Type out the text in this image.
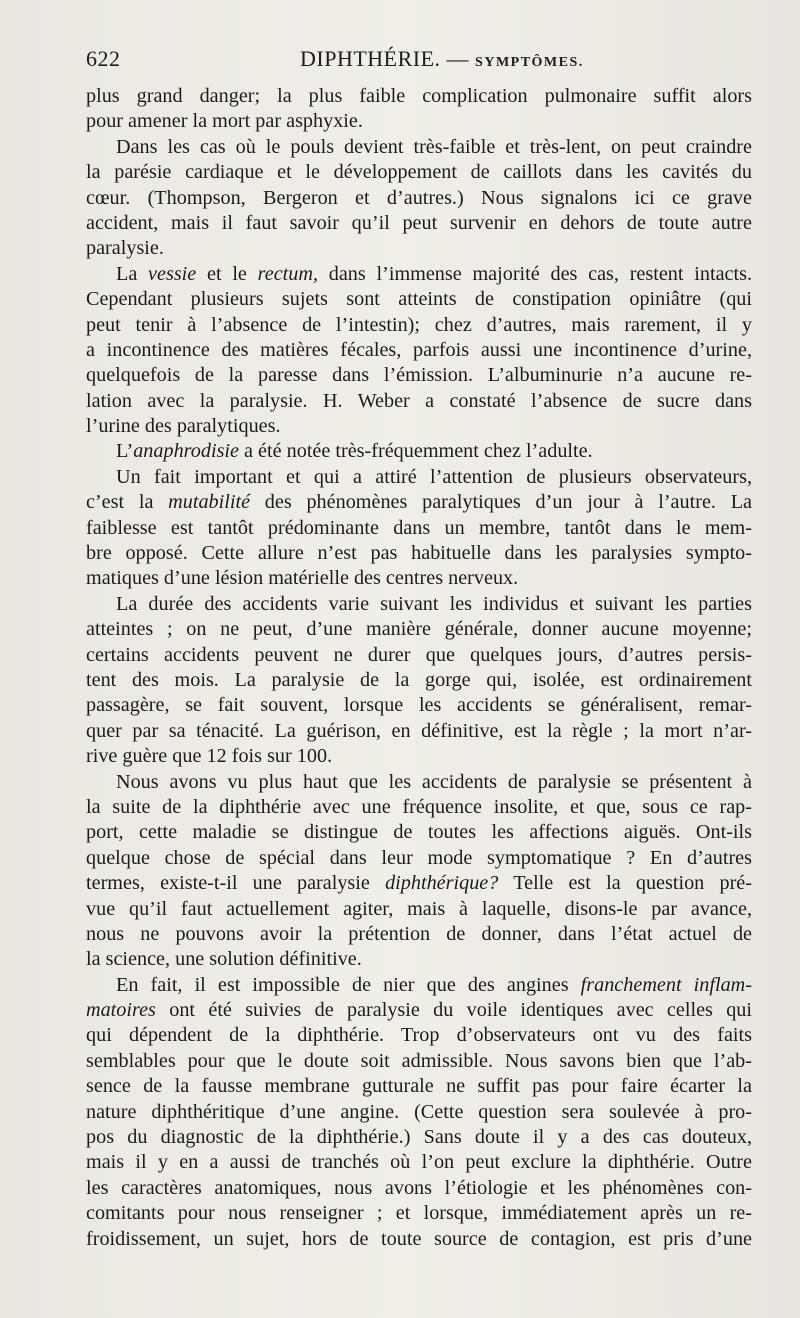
622	DIPHTHÉRIE. — SYMPTÔMES.

plus grand danger; la plus faible complication pulmonaire suffit alors
pour amener la mort par asphyxie.

Dans les cas où le pouls devient très-faible et très-lent, on peut craindre
la parésie cardiaque et le développement de caillots dans les cavités du
cœur. (Thompson, Bergeron et d’autres.) Nous signalons ici ce grave
accident, mais il faut savoir qu’il peut survenir en dehors de toute autre
paralysie.

La vessie et le rectum, dans l’immense majorité des cas, restent intacts.
Cependant plusieurs sujets sont atteints de constipation opiniâtre (qui
peut tenir à l’absence de l’intestin); chez d’autres, mais rarement, il y
a incontinence des matières fécales, parfois aussi une incontinence d’urine,
quelquefois de la paresse dans l’émission. L’albuminurie n’a aucune re-
lation avec la paralysie. H. Weber a constaté l’absence de sucre dans
l’urine des paralytiques.

L’anaphrodisie a été notée très-fréquemment chez l’adulte.

Un fait important et qui a attiré l’attention de plusieurs observateurs,
c’est la mutabilité des phénomènes paralytiques d’un jour à l’autre. La
faiblesse est tantôt prédominante dans un membre, tantôt dans le mem-
bre opposé. Cette allure n’est pas habituelle dans les paralysies sympto-
matiques d’une lésion matérielle des centres nerveux.

La durée des accidents varie suivant les individus et suivant les parties
atteintes ; on ne peut, d’une manière générale, donner aucune moyenne;
certains accidents peuvent ne durer que quelques jours, d’autres persis-
tent des mois. La paralysie de la gorge qui, isolée, est ordinairement
passagère, se fait souvent, lorsque les accidents se généralisent, remar-
quer par sa ténacité. La guérison, en définitive, est la règle ; la mort n’ar-
rive guère que 12 fois sur 100.

Nous avons vu plus haut que les accidents de paralysie se présentent à
la suite de la diphthérie avec une fréquence insolite, et que, sous ce rap-
port, cette maladie se distingue de toutes les affections aiguës. Ont-ils
quelque chose de spécial dans leur mode symptomatique ? En d’autres
termes, existe-t-il une paralysie diphthérique? Telle est la question pré-
vue qu’il faut actuellement agiter, mais à laquelle, disons-le par avance,
nous ne pouvons avoir la prétention de donner, dans l’état actuel de
la science, une solution définitive.

En fait, il est impossible de nier que des angines franchement inflam-
matoires ont été suivies de paralysie du voile identiques avec celles qui
qui dépendent de la diphthérie. Trop d’observateurs ont vu des faits
semblables pour que le doute soit admissible. Nous savons bien que l’ab-
sence de la fausse membrane gutturale ne suffit pas pour faire écarter la
nature diphthéritique d’une angine. (Cette question sera soulevée à pro-
pos du diagnostic de la diphthérie.) Sans doute il y a des cas douteux,
mais il y en a aussi de tranchés où l’on peut exclure la diphthérie. Outre
les caractères anatomiques, nous avons l’étiologie et les phénomènes con-
comitants pour nous renseigner ; et lorsque, immédiatement après un re-
froidissement, un sujet, hors de toute source de contagion, est pris d’une
